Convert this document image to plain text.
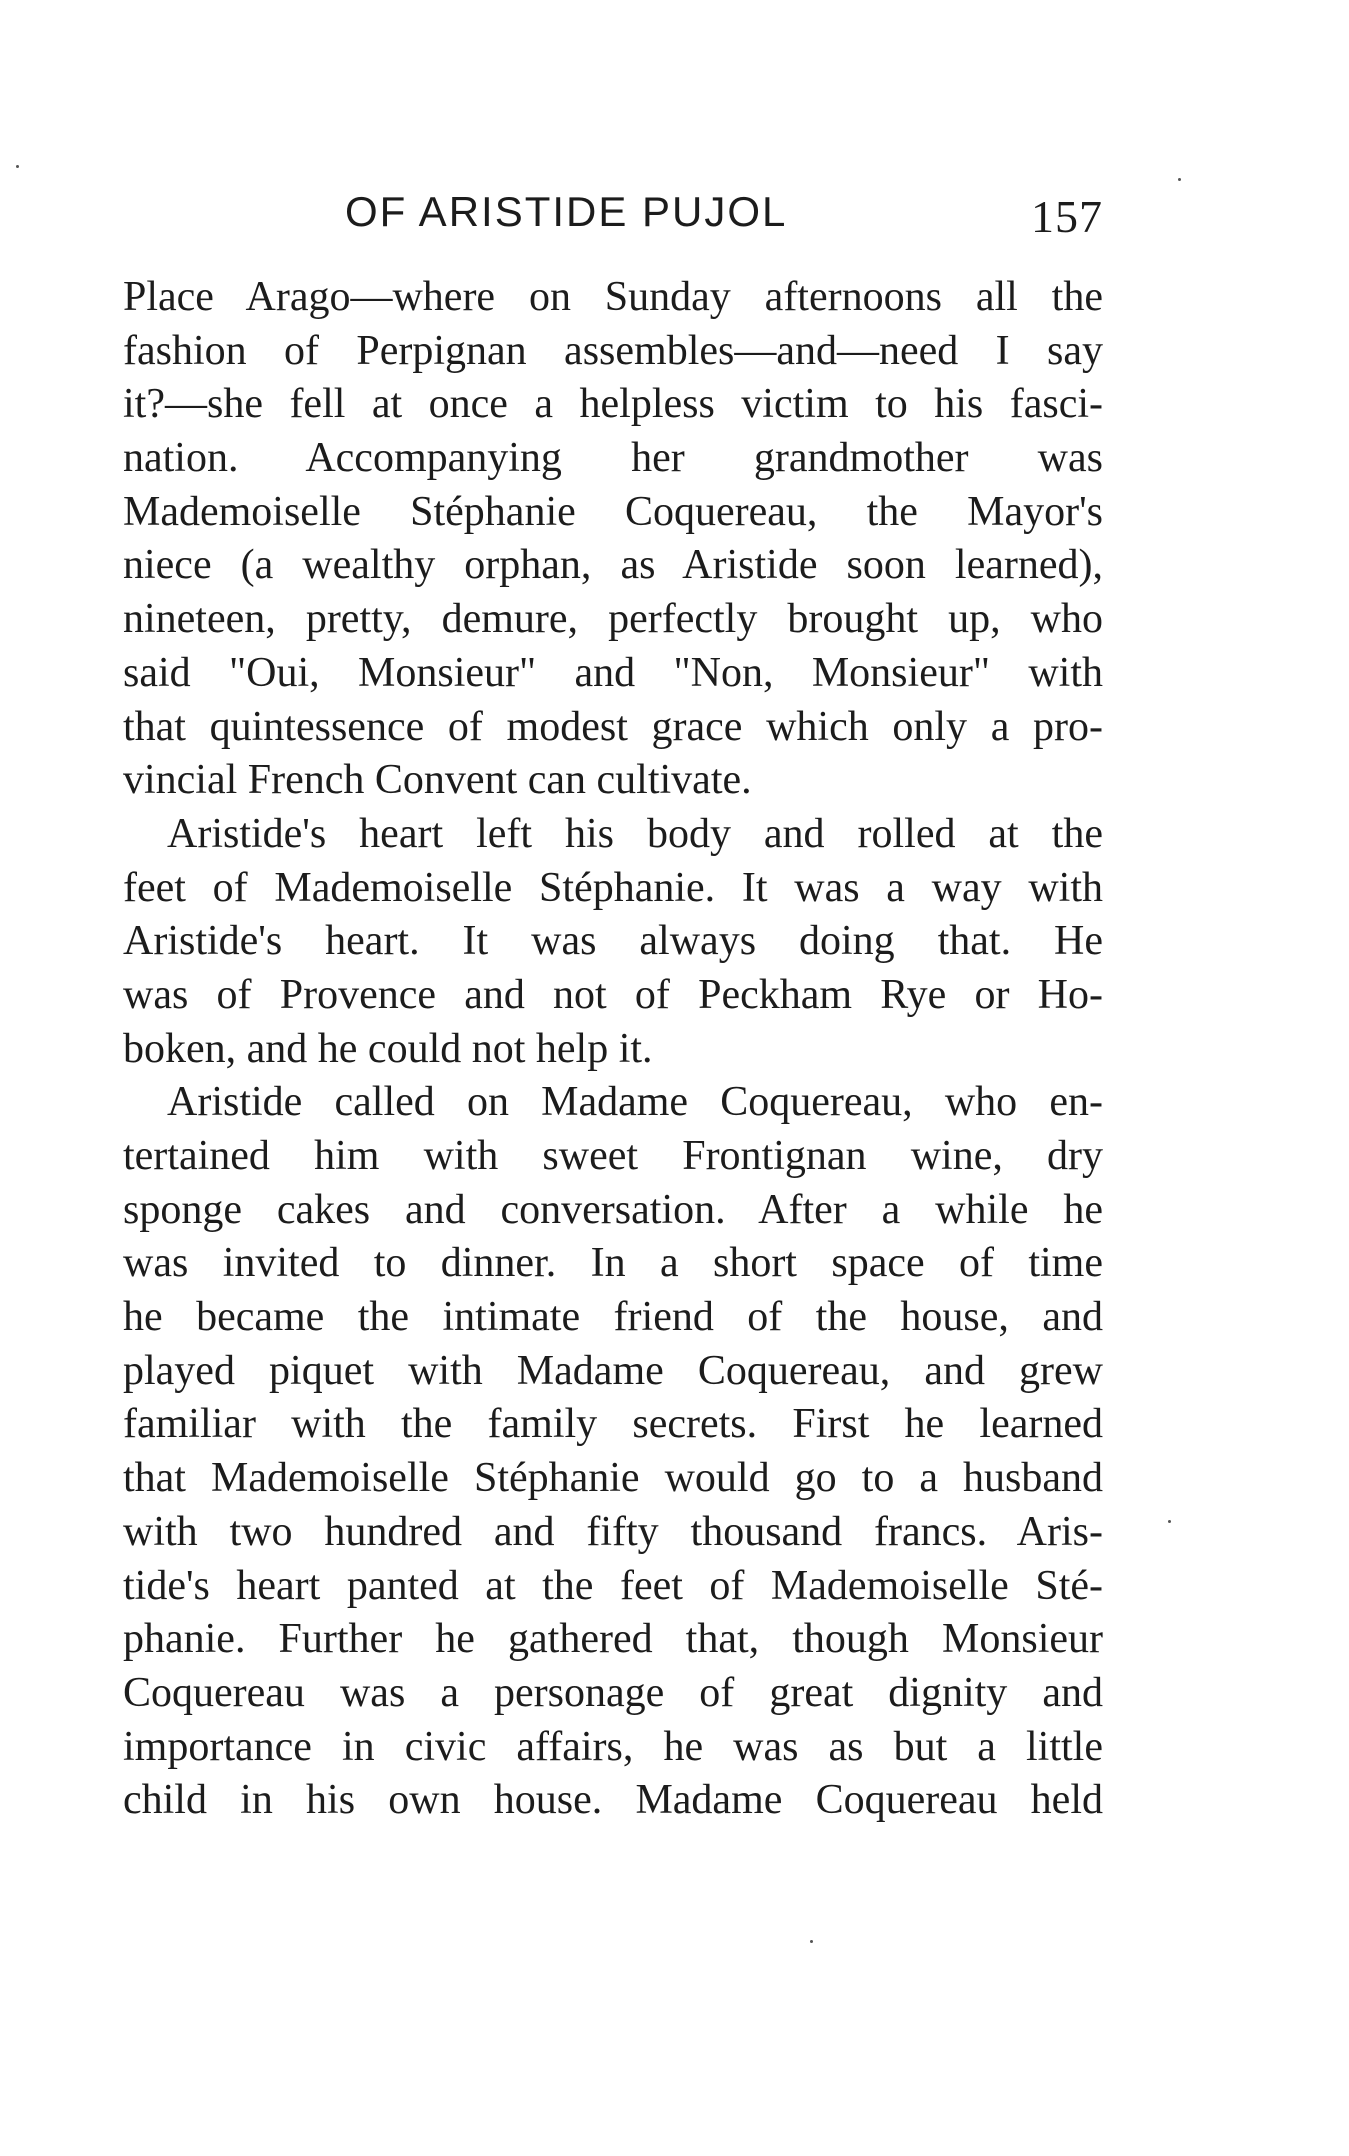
OF ARISTIDE PUJOL	157
Place Arago—where on Sunday afternoons all the
fashion of Perpignan assembles—and—need I say
it?—she fell at once a helpless victim to his fasci-
nation. Accompanying her grandmother was
Mademoiselle Stéphanie Coquereau, the Mayor's
niece (a wealthy orphan, as Aristide soon learned),
nineteen, pretty, demure, perfectly brought up, who
said "Oui, Monsieur" and "Non, Monsieur" with
that quintessence of modest grace which only a pro-
vincial French Convent can cultivate.
Aristide's heart left his body and rolled at the
feet of Mademoiselle Stéphanie. It was a way with
Aristide's heart. It was always doing that. He
was of Provence and not of Peckham Rye or Ho-
boken, and he could not help it.
Aristide called on Madame Coquereau, who en-
tertained him with sweet Frontignan wine, dry
sponge cakes and conversation. After a while he
was invited to dinner. In a short space of time
he became the intimate friend of the house, and
played piquet with Madame Coquereau, and grew
familiar with the family secrets. First he learned
that Mademoiselle Stéphanie would go to a husband
with two hundred and fifty thousand francs. Aris-
tide's heart panted at the feet of Mademoiselle Sté-
phanie. Further he gathered that, though Monsieur
Coquereau was a personage of great dignity and
importance in civic affairs, he was as but a little
child in his own house. Madame Coquereau held
